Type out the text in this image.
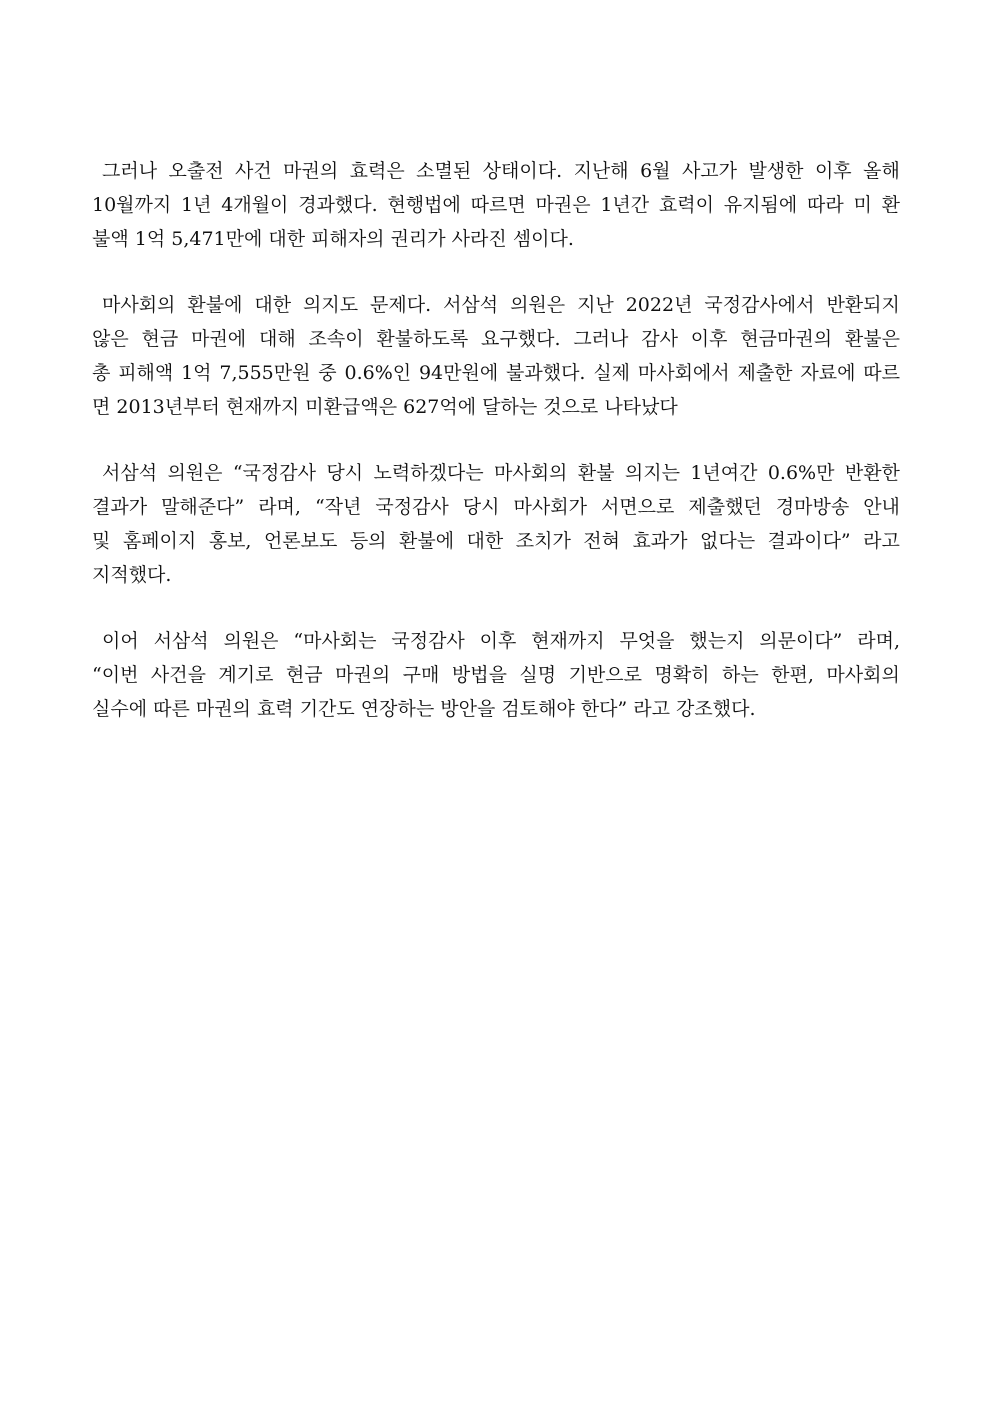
그러나 오출전 사건 마권의 효력은 소멸된 상태이다. 지난해 6월 사고가 발생한 이후 올해
10월까지 1년 4개월이 경과했다. 현행법에 따르면 마권은 1년간 효력이 유지됨에 따라 미 환
불액 1억 5,471만에 대한 피해자의 권리가 사라진 셈이다.
마사회의 환불에 대한 의지도 문제다. 서삼석 의원은 지난 2022년 국정감사에서 반환되지
않은 현금 마권에 대해 조속이 환불하도록 요구했다. 그러나 감사 이후 현금마권의 환불은
총 피해액 1억 7,555만원 중 0.6%인 94만원에 불과했다. 실제 마사회에서 제출한 자료에 따르
면 2013년부터 현재까지 미환급액은 627억에 달하는 것으로 나타났다
서삼석 의원은 “국정감사 당시 노력하겠다는 마사회의 환불 의지는 1년여간 0.6%만 반환한
결과가 말해준다” 라며, “작년 국정감사 당시 마사회가 서면으로 제출했던 경마방송 안내
및 홈페이지 홍보, 언론보도 등의 환불에 대한 조치가 전혀 효과가 없다는 결과이다” 라고
지적했다.
이어 서삼석 의원은 “마사회는 국정감사 이후 현재까지 무엇을 했는지 의문이다” 라며,
“이번 사건을 계기로 현금 마권의 구매 방법을 실명 기반으로 명확히 하는 한편, 마사회의
실수에 따른 마권의 효력 기간도 연장하는 방안을 검토해야 한다” 라고 강조했다.
